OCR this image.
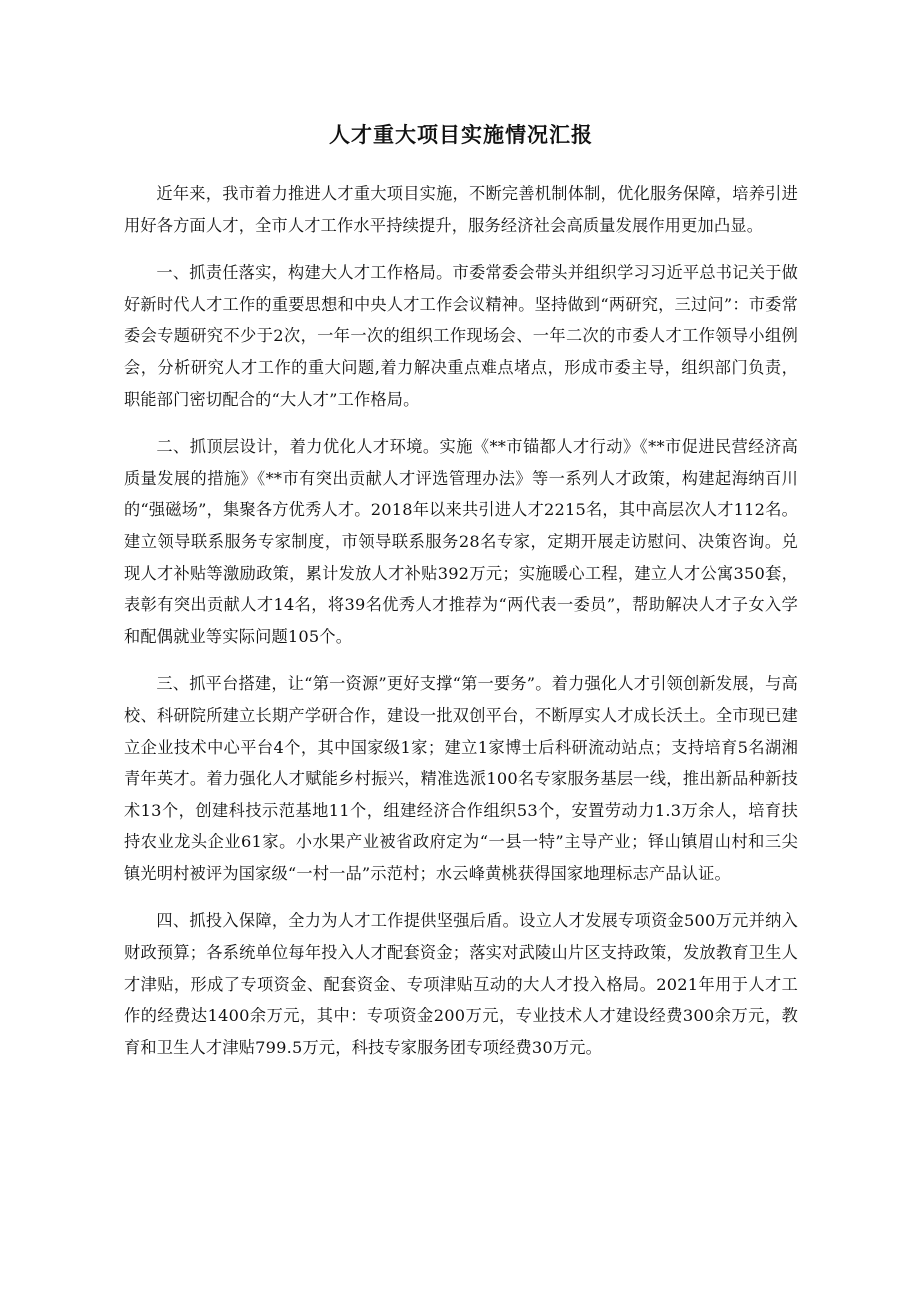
人才重大项目实施情况汇报

近年来，我市着力推进人才重大项目实施，不断完善机制体制，优化服务保障，培养引进用好各方面人才，全市人才工作水平持续提升，服务经济社会高质量发展作用更加凸显。

一、抓责任落实，构建大人才工作格局。市委常委会带头并组织学习习近平总书记关于做好新时代人才工作的重要思想和中央人才工作会议精神。坚持做到“两研究，三过问”：市委常委会专题研究不少于2次，一年一次的组织工作现场会、一年二次的市委人才工作领导小组例会，分析研究人才工作的重大问题,着力解决重点难点堵点，形成市委主导，组织部门负责，职能部门密切配合的“大人才”工作格局。

二、抓顶层设计，着力优化人才环境。实施《**市锚都人才行动》《**市促进民营经济高质量发展的措施》《**市有突出贡献人才评选管理办法》等一系列人才政策，构建起海纳百川的“强磁场”，集聚各方优秀人才。2018年以来共引进人才2215名，其中高层次人才112名。建立领导联系服务专家制度，市领导联系服务28名专家，定期开展走访慰问、决策咨询。兑现人才补贴等激励政策，累计发放人才补贴392万元；实施暖心工程，建立人才公寓350套，表彰有突出贡献人才14名，将39名优秀人才推荐为“两代表一委员”，帮助解决人才子女入学和配偶就业等实际问题105个。

三、抓平台搭建，让“第一资源”更好支撑“第一要务”。着力强化人才引领创新发展，与高校、科研院所建立长期产学研合作，建设一批双创平台，不断厚实人才成长沃土。全市现已建立企业技术中心平台4个，其中国家级1家；建立1家博士后科研流动站点；支持培育5名湖湘青年英才。着力强化人才赋能乡村振兴，精准选派100名专家服务基层一线，推出新品种新技术13个，创建科技示范基地11个，组建经济合作组织53个，安置劳动力1.3万余人，培育扶持农业龙头企业61家。小水果产业被省政府定为“一县一特”主导产业；铎山镇眉山村和三尖镇光明村被评为国家级“一村一品”示范村；水云峰黄桃获得国家地理标志产品认证。

四、抓投入保障，全力为人才工作提供坚强后盾。设立人才发展专项资金500万元并纳入财政预算；各系统单位每年投入人才配套资金；落实对武陵山片区支持政策，发放教育卫生人才津贴，形成了专项资金、配套资金、专项津贴互动的大人才投入格局。2021年用于人才工作的经费达1400余万元，其中：专项资金200万元，专业技术人才建设经费300余万元，教育和卫生人才津贴799.5万元，科技专家服务团专项经费30万元。
